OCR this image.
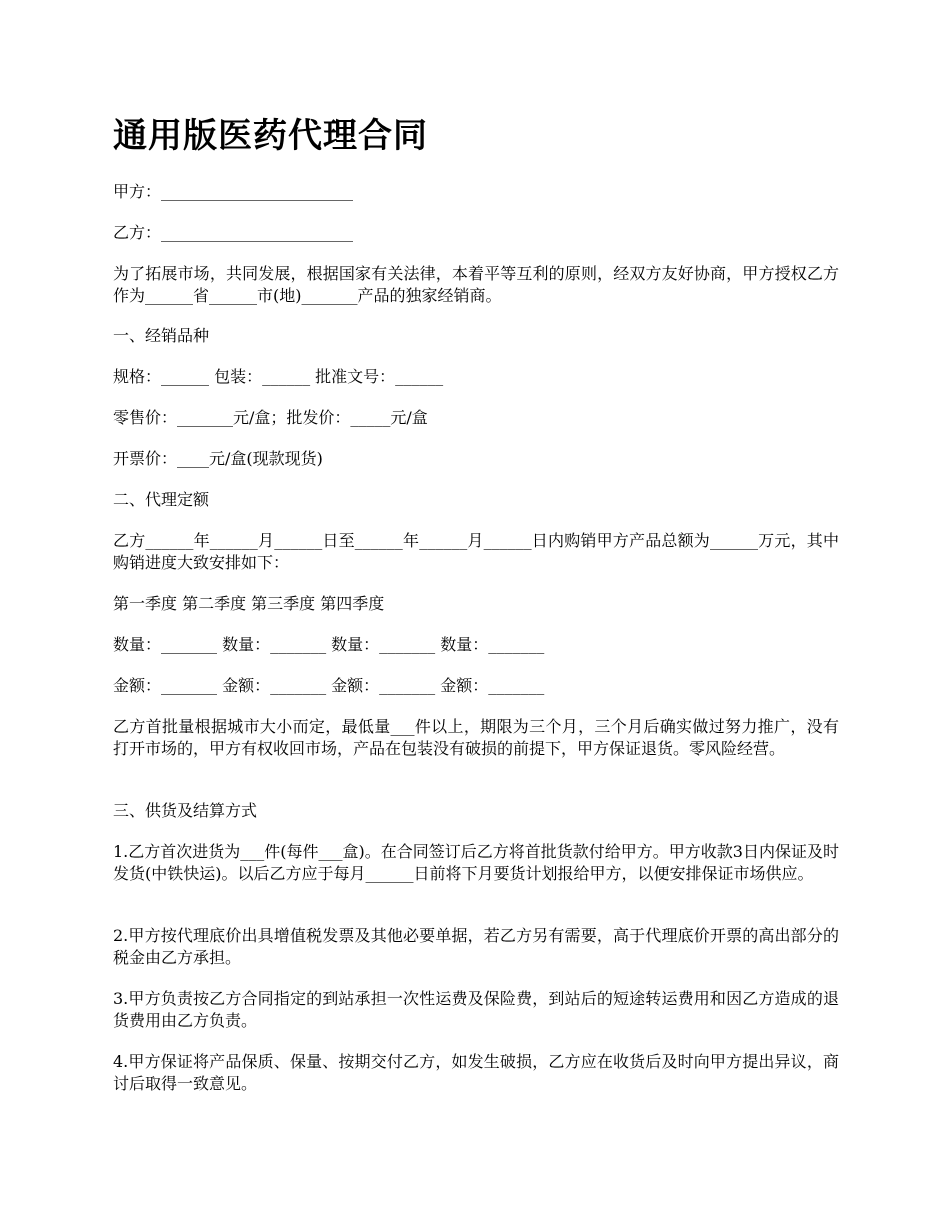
通用版医药代理合同

甲方：________________________

乙方：________________________

为了拓展市场，共同发展，根据国家有关法律，本着平等互利的原则，经双方友好协商，甲方授权乙方作为______省______市(地)_______产品的独家经销商。

一、经销品种

规格：______ 包装：______ 批准文号：______

零售价：_______元/盒；批发价：_____元/盒

开票价：____元/盒(现款现货)

二、代理定额

乙方______年______月______日至______年______月______日内购销甲方产品总额为______万元，其中购销进度大致安排如下：

第一季度 第二季度 第三季度 第四季度

数量：_______ 数量：_______ 数量：_______ 数量：_______

金额：_______ 金额：_______ 金额：_______ 金额：_______

乙方首批量根据城市大小而定，最低量___件以上，期限为三个月，三个月后确实做过努力推广，没有打开市场的，甲方有权收回市场，产品在包装没有破损的前提下，甲方保证退货。零风险经营。

三、供货及结算方式

1.乙方首次进货为___件(每件___盒)。在合同签订后乙方将首批货款付给甲方。甲方收款3日内保证及时发货(中铁快运)。以后乙方应于每月______日前将下月要货计划报给甲方，以便安排保证市场供应。

2.甲方按代理底价出具增值税发票及其他必要单据，若乙方另有需要，高于代理底价开票的高出部分的税金由乙方承担。

3.甲方负责按乙方合同指定的到站承担一次性运费及保险费，到站后的短途转运费用和因乙方造成的退货费用由乙方负责。

4.甲方保证将产品保质、保量、按期交付乙方，如发生破损，乙方应在收货后及时向甲方提出异议，商讨后取得一致意见。
